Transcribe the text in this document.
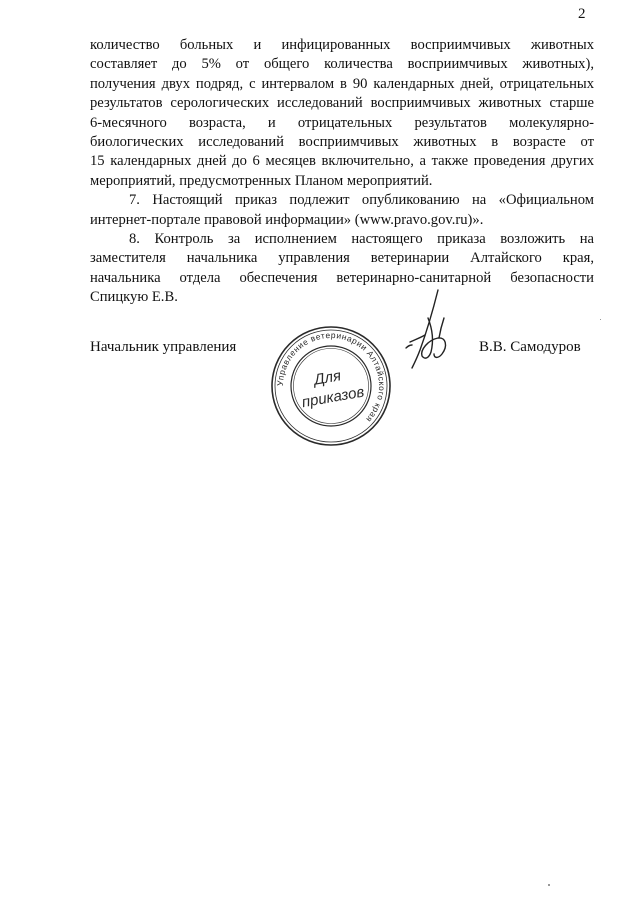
2
количество больных и инфицированных восприимчивых животных
составляет до 5% от общего количества восприимчивых животных),
получения двух подряд, с интервалом в 90 календарных дней, отрицательных
результатов серологических исследований восприимчивых животных старше
6-месячного возраста, и отрицательных результатов молекулярно-
биологических исследований восприимчивых животных в возрасте от
15 календарных дней до 6 месяцев включительно, а также проведения других
мероприятий, предусмотренных Планом мероприятий.
7. Настоящий приказ подлежит опубликованию на «Официальном
интернет-портале правовой информации» (www.pravo.gov.ru)».
8. Контроль за исполнением настоящего приказа возложить на
заместителя начальника управления ветеринарии Алтайского края,
начальника отдела обеспечения ветеринарно-санитарной безопасности
Спицкую Е.В.
Начальник управления	В.В. Самодуров
Управление ветеринарии Алтайского края
Для
приказов
